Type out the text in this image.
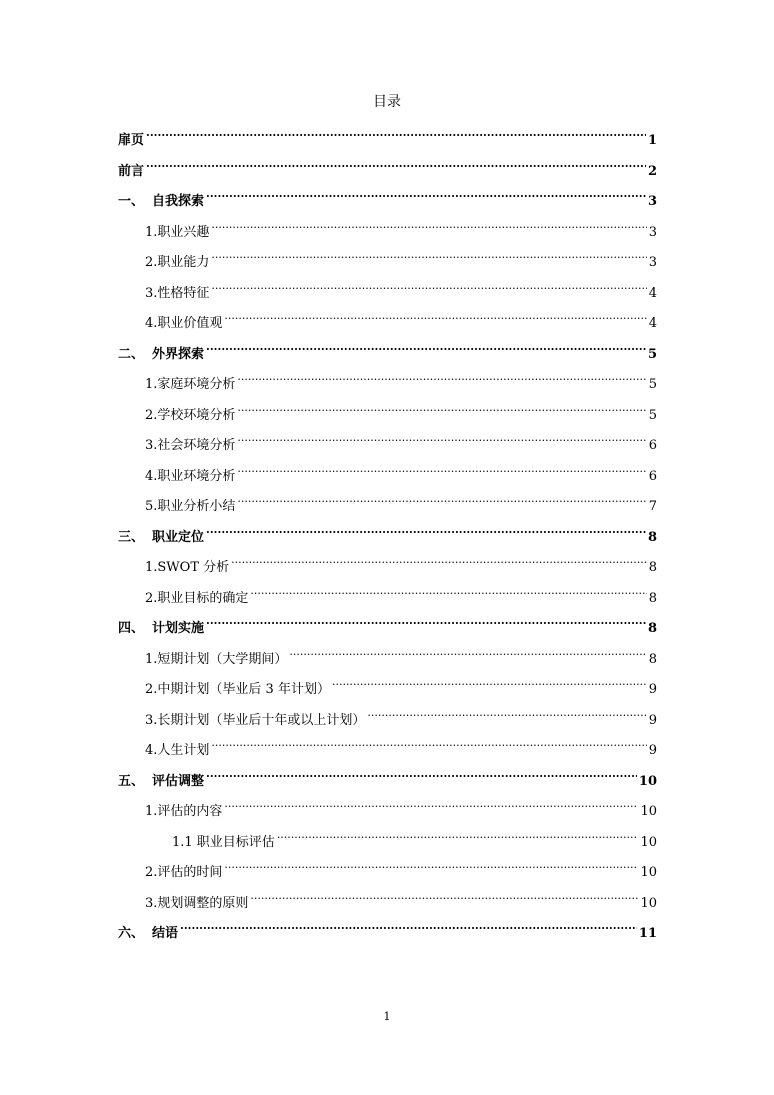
目录
扉页 .....	1
前言 .....	2
一、 自我探索 .....	3
1.职业兴趣 .....	3
2.职业能力 .....	3
3.性格特征 .....	4
4.职业价值观 .....	4
二、 外界探索 .....	5
1.家庭环境分析 .....	5
2.学校环境分析 .....	5
3.社会环境分析 .....	6
4.职业环境分析 .....	6
5.职业分析小结 .....	7
三、 职业定位 .....	8
1.SWOT 分析 .....	8
2.职业目标的确定 .....	8
四、 计划实施 .....	8
1.短期计划（大学期间） .....	8
2.中期计划（毕业后 3 年计划） .....	9
3.长期计划（毕业后十年或以上计划） .....	9
4.人生计划 .....	9
五、 评估调整 .....	10
1.评估的内容 .....	10
1.1 职业目标评估 .....	10
2.评估的时间 .....	10
3.规划调整的原则 .....	10
六、 结语 .....	11
1
